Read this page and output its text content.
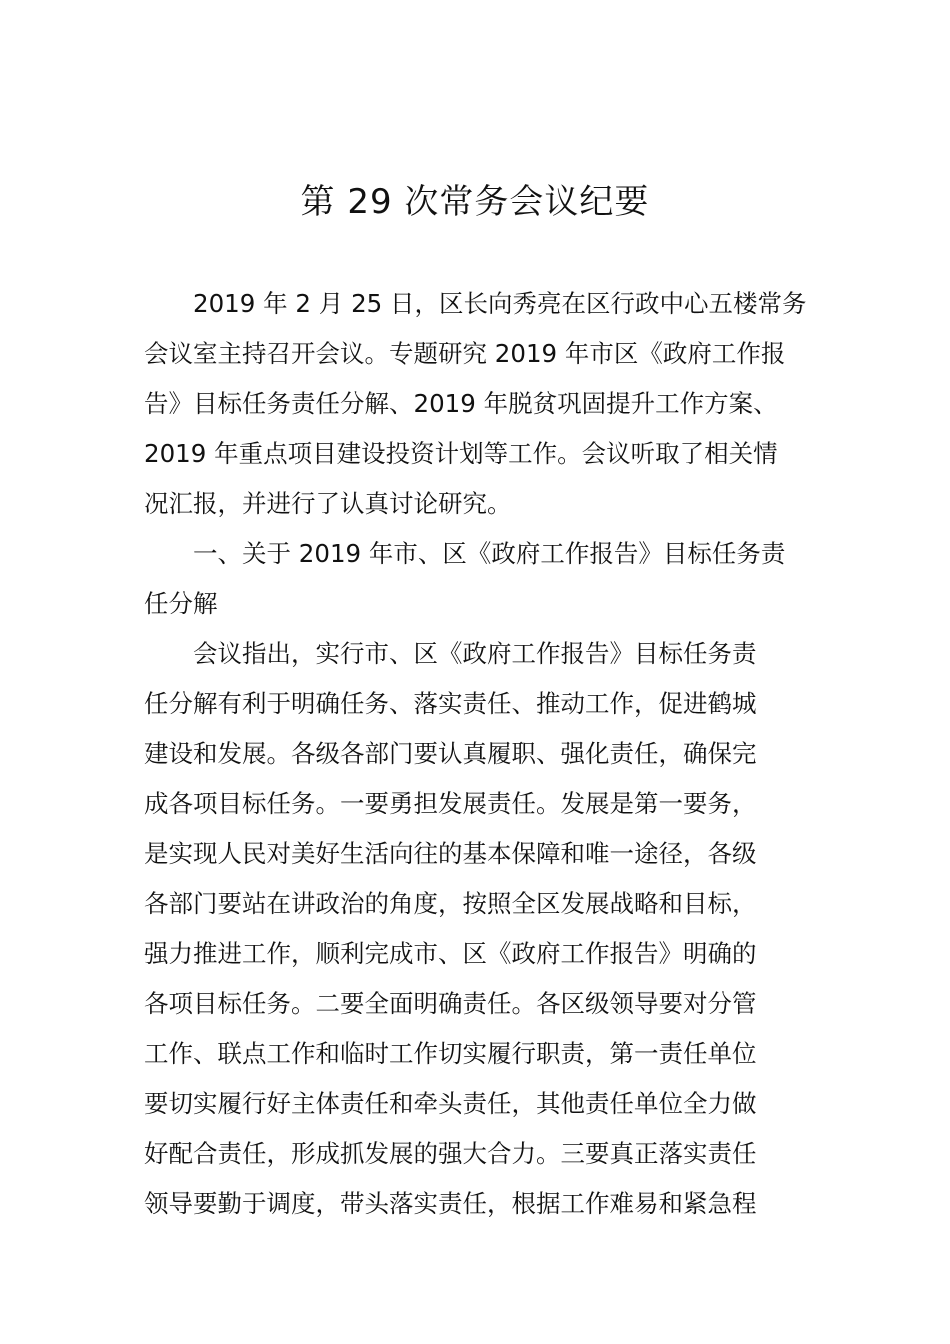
第 29 次常务会议纪要
2019 年 2 月 25 日，区长向秀亮在区行政中心五楼常务
会议室主持召开会议。专题研究 2019 年市区《政府工作报
告》目标任务责任分解、2019 年脱贫巩固提升工作方案、
2019 年重点项目建设投资计划等工作。会议听取了相关情
况汇报，并进行了认真讨论研究。
一、关于 2019 年市、区《政府工作报告》目标任务责
任分解
会议指出，实行市、区《政府工作报告》目标任务责
任分解有利于明确任务、落实责任、推动工作，促进鹤城
建设和发展。各级各部门要认真履职、强化责任，确保完
成各项目标任务。一要勇担发展责任。发展是第一要务，
是实现人民对美好生活向往的基本保障和唯一途径，各级
各部门要站在讲政治的角度，按照全区发展战略和目标，
强力推进工作，顺利完成市、区《政府工作报告》明确的
各项目标任务。二要全面明确责任。各区级领导要对分管
工作、联点工作和临时工作切实履行职责，第一责任单位
要切实履行好主体责任和牵头责任，其他责任单位全力做
好配合责任，形成抓发展的强大合力。三要真正落实责任
领导要勤于调度，带头落实责任，根据工作难易和紧急程
